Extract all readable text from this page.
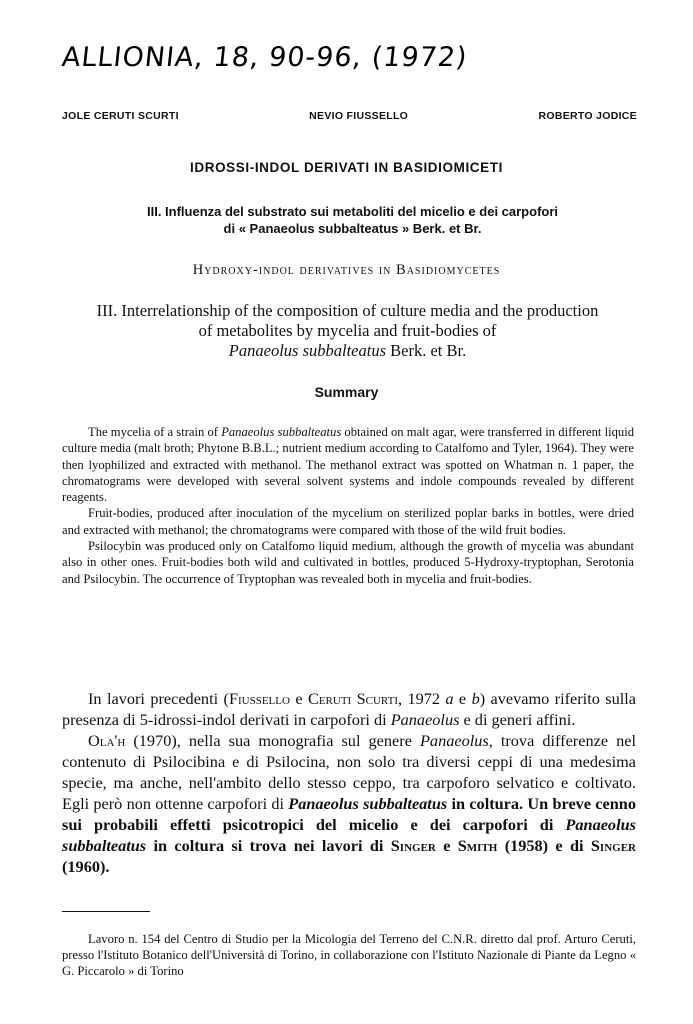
ALLIONIA, 18, 90-96, (1972)
JOLE CERUTI SCURTI	NEVIO FIUSSELLO	ROBERTO JODICE
IDROSSI-INDOL DERIVATI IN BASIDIOMICETI
III. Influenza del substrato sui metaboliti del micelio e dei carpofori
di « Panaeolus subbalteatus » Berk. et Br.
Hydroxy-indol derivatives in Basidiomycetes
III. Interrelationship of the composition of culture media and the production
of metabolites by mycelia and fruit-bodies of
Panaeolus subbalteatus Berk. et Br.
Summary

The mycelia of a strain of Panaeolus subbalteatus obtained on malt agar, were transferred in different liquid culture media (malt broth; Phytone B.B.L.; nutrient medium according to Catalfomo and Tyler, 1964). They were then lyophilized and extracted with methanol. The methanol extract was spotted on Whatman n. 1 paper, the chromatograms were developed with several solvent systems and indole compounds revealed by different reagents.

Fruit-bodies, produced after inoculation of the mycelium on sterilized poplar barks in bottles, were dried and extracted with methanol; the chromatograms were compared with those of the wild fruit bodies.

Psilocybin was produced only on Catalfomo liquid medium, although the growth of mycelia was abundant also in other ones. Fruit-bodies both wild and cultivated in bottles, produced 5-Hydroxy-tryptophan, Serotonia and Psilocybin. The occurrence of Tryptophan was revealed both in mycelia and fruit-bodies.

In lavori precedenti (Fiussello e Ceruti Scurti, 1972 a e b) avevamo riferito sulla presenza di 5-idrossi-indol derivati in carpofori di Panaeolus e di generi affini.

Ola'h (1970), nella sua monografia sul genere Panaeolus, trova differenze nel contenuto di Psilocibina e di Psilocina, non solo tra diversi ceppi di una medesima specie, ma anche, nell'ambito dello stesso ceppo, tra carpoforo selvatico e coltivato. Egli però non ottenne carpofori di Panaeolus subbalteatus in coltura. Un breve cenno sui probabili effetti psicotropici del micelio e dei carpofori di Panaeolus subbalteatus in coltura si trova nei lavori di Singer e Smith (1958) e di Singer (1960).

Lavoro n. 154 del Centro di Studio per la Micologia del Terreno del C.N.R. diretto dal prof. Arturo Ceruti, presso l'Istituto Botanico dell'Università di Torino, in collaborazione con l'Istituto Nazionale di Piante da Legno « G. Piccarolo » di Torino
